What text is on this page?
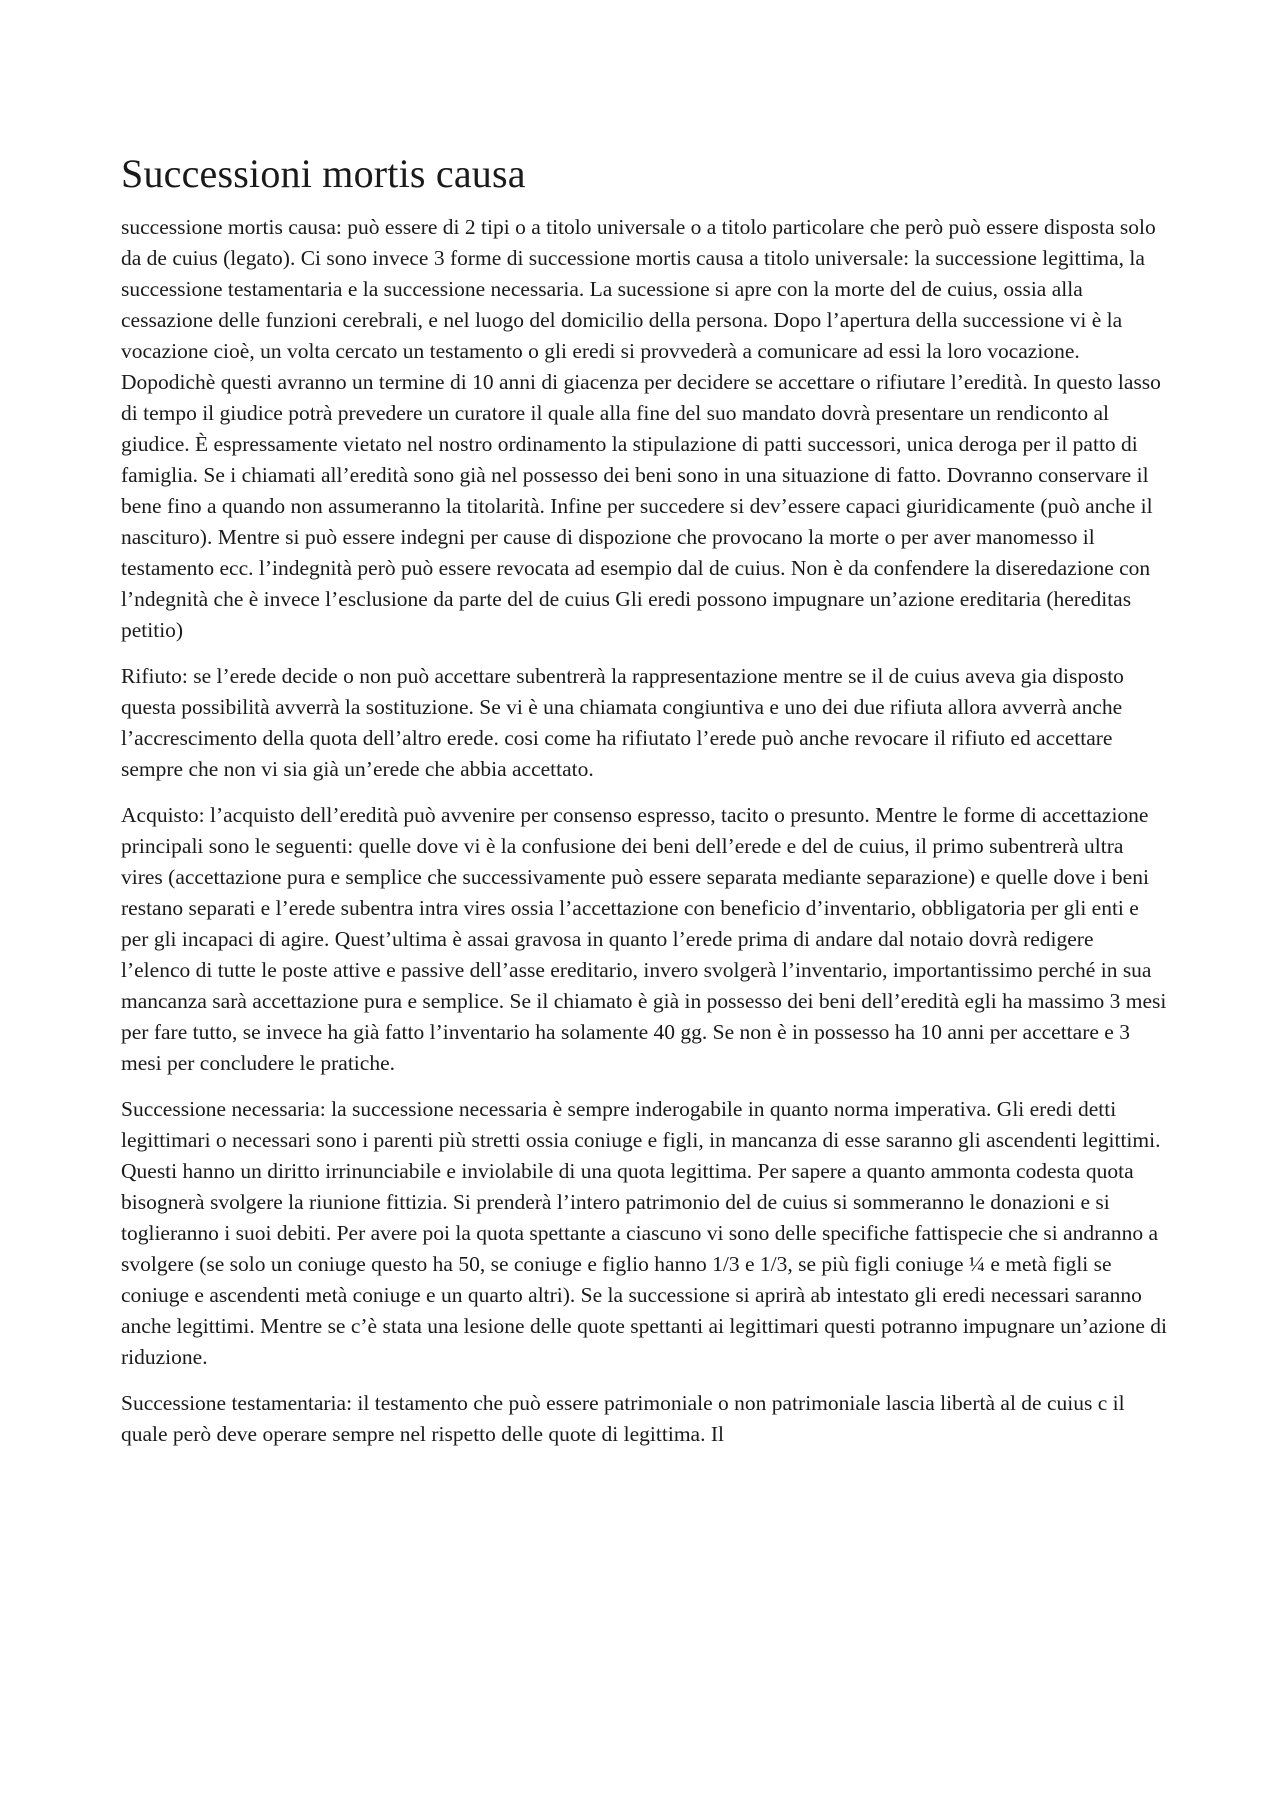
Successioni mortis causa

successione mortis causa: può essere di 2 tipi o a titolo universale o a titolo particolare che però può essere disposta solo da de cuius (legato). Ci sono invece 3 forme di successione mortis causa a titolo universale: la successione legittima, la successione testamentaria e la successione necessaria. La sucessione si apre con la morte del de cuius, ossia alla cessazione delle funzioni cerebrali, e nel luogo del domicilio della persona. Dopo l’apertura della successione vi è la vocazione cioè, un volta cercato un testamento o gli eredi si provvederà a comunicare ad essi la loro vocazione. Dopodichè questi avranno un termine di 10 anni di giacenza per decidere se accettare o rifiutare l’eredità. In questo lasso di tempo il giudice potrà prevedere un curatore il quale alla fine del suo mandato dovrà presentare un rendiconto al giudice. È espressamente vietato nel nostro ordinamento la stipulazione di patti successori, unica deroga per il patto di famiglia. Se i chiamati all’eredità sono già nel possesso dei beni sono in una situazione di fatto. Dovranno conservare il bene fino a quando non assumeranno la titolarità. Infine per succedere si dev’essere capaci giuridicamente (può anche il nascituro). Mentre si può essere indegni per cause di dispozione che provocano la morte o per aver manomesso il testamento ecc. l’indegnità però può essere revocata ad esempio dal de cuius. Non è da confendere la diseredazione con l’ndegnità che è invece l’esclusione da parte del de cuius Gli eredi possono impugnare un’azione ereditaria (hereditas petitio)

Rifiuto: se l’erede decide o non può accettare subentrerà la rappresentazione mentre se il de cuius aveva gia disposto questa possibilità avverrà la sostituzione. Se vi è una chiamata congiuntiva e uno dei due rifiuta allora avverrà anche l’accrescimento della quota dell’altro erede. cosi come ha rifiutato l’erede può anche revocare il rifiuto ed accettare sempre che non vi sia già un’erede che abbia accettato.

Acquisto: l’acquisto dell’eredità può avvenire per consenso espresso, tacito o presunto. Mentre le forme di accettazione principali sono le seguenti: quelle dove vi è la confusione dei beni dell’erede e del de cuius, il primo subentrerà ultra vires (accettazione pura e semplice che successivamente può essere separata mediante separazione) e quelle dove i beni restano separati e l’erede subentra intra vires ossia l’accettazione con beneficio d’inventario, obbligatoria per gli enti e per gli incapaci di agire. Quest’ultima è assai gravosa in quanto l’erede prima di andare dal notaio dovrà redigere l’elenco di tutte le poste attive e passive dell’asse ereditario, invero svolgerà l’inventario, importantissimo perché in sua mancanza sarà accettazione pura e semplice. Se il chiamato è già in possesso dei beni dell’eredità egli ha massimo 3 mesi per fare tutto, se invece ha già fatto l’inventario ha solamente 40 gg. Se non è in possesso ha 10 anni per accettare e 3 mesi per concludere le pratiche.

Successione necessaria: la successione necessaria è sempre inderogabile in quanto norma imperativa. Gli eredi detti legittimari o necessari sono i parenti più stretti ossia coniuge e figli, in mancanza di esse saranno gli ascendenti legittimi. Questi hanno un diritto irrinunciabile e inviolabile di una quota legittima. Per sapere a quanto ammonta codesta quota bisognerà svolgere la riunione fittizia. Si prenderà l’intero patrimonio del de cuius si sommeranno le donazioni e si toglieranno i suoi debiti. Per avere poi la quota spettante a ciascuno vi sono delle specifiche fattispecie che si andranno a svolgere (se solo un coniuge questo ha 50, se coniuge e figlio hanno 1/3 e 1/3, se più figli coniuge ¼ e metà figli se coniuge e ascendenti metà coniuge e un quarto altri). Se la successione si aprirà ab intestato gli eredi necessari saranno anche legittimi. Mentre se c’è stata una lesione delle quote spettanti ai legittimari questi potranno impugnare un’azione di riduzione.

Successione testamentaria: il testamento che può essere patrimoniale o non patrimoniale lascia libertà al de cuius c il quale però deve operare sempre nel rispetto delle quote di legittima. Il
